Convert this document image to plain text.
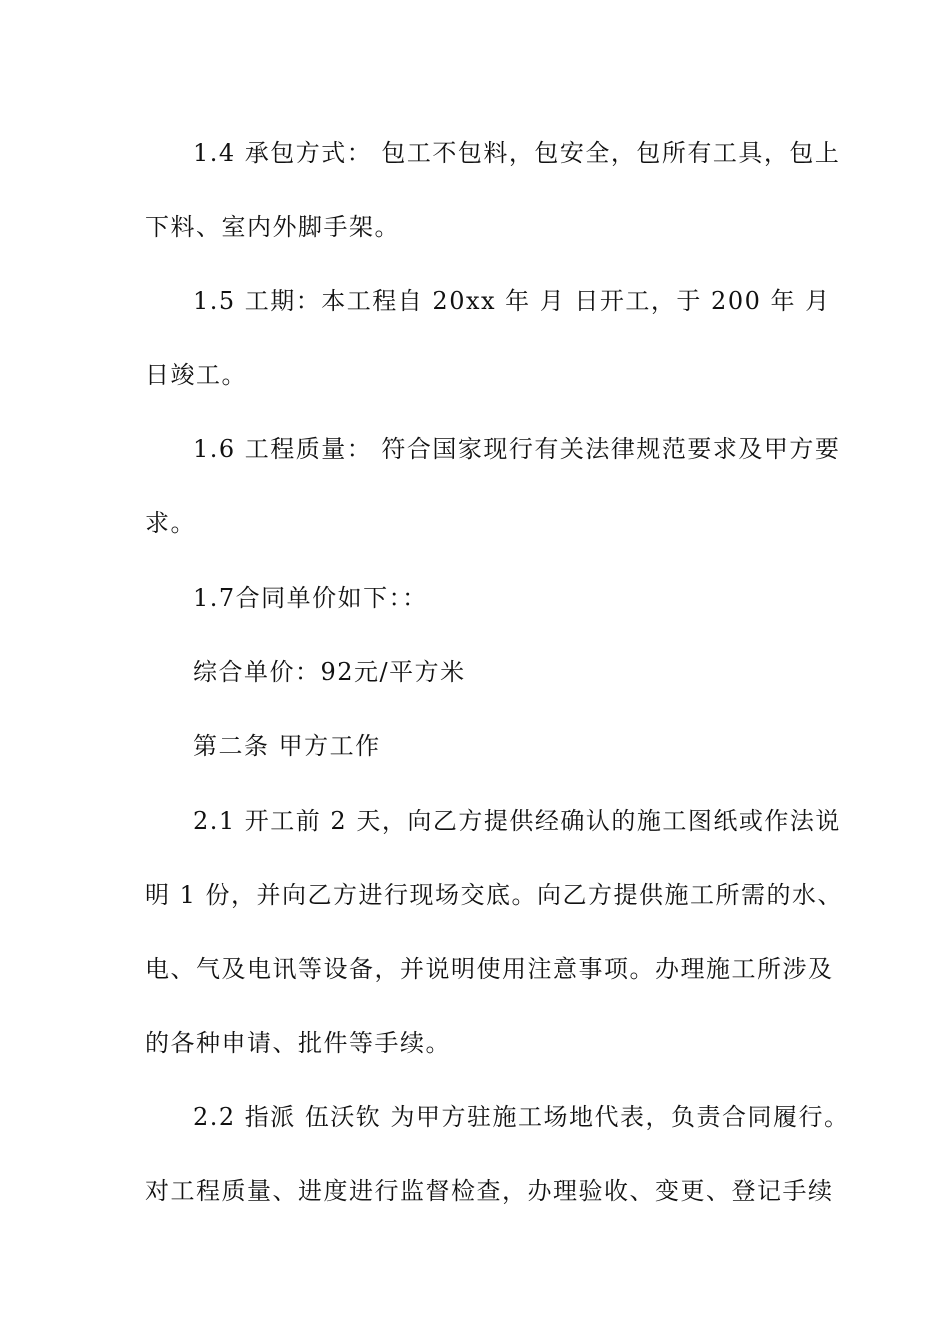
1.4 承包方式： 包工不包料，包安全，包所有工具，包上
下料、室内外脚手架。
1.5 工期：本工程自 20xx 年 月 日开工，于 200 年 月
日竣工。
1.6 工程质量： 符合国家现行有关法律规范要求及甲方要
求。
1.7合同单价如下：：
综合单价：92元/平方米
第二条 甲方工作
2.1 开工前 2 天，向乙方提供经确认的施工图纸或作法说
明 1 份，并向乙方进行现场交底。向乙方提供施工所需的水、
电、气及电讯等设备，并说明使用注意事项。办理施工所涉及
的各种申请、批件等手续。
2.2 指派 伍沃钦 为甲方驻施工场地代表，负责合同履行。
对工程质量、进度进行监督检查，办理验收、变更、登记手续
